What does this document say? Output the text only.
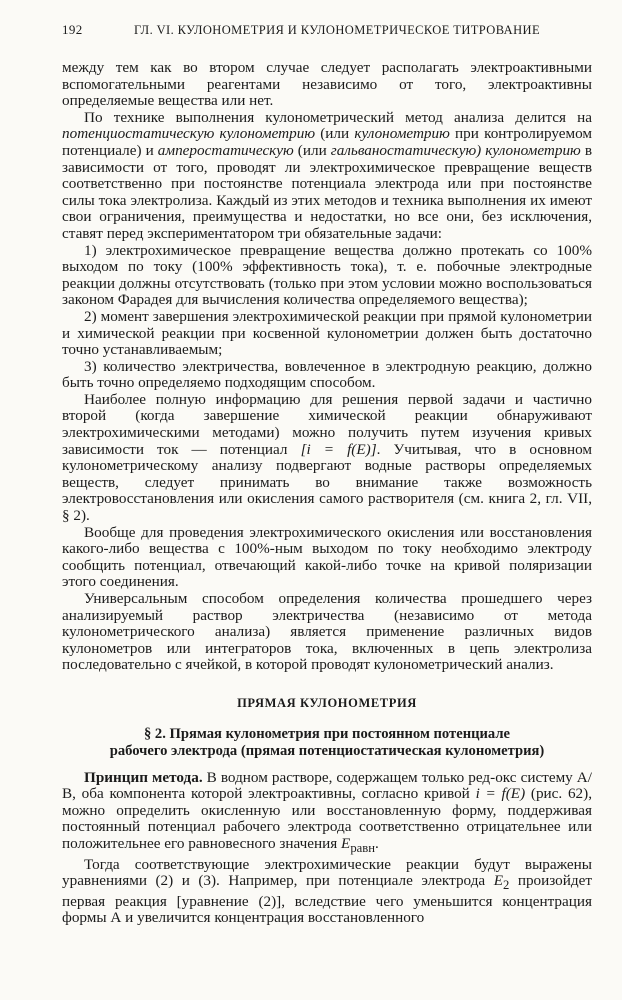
192	ГЛ. VI. КУЛОНОМЕТРИЯ И КУЛОНОМЕТРИЧЕСКОЕ ТИТРОВАНИЕ

между тем как во втором случае следует располагать электроактивными вспомогательными реагентами независимо от того, электроактивны определяемые вещества или нет.

По технике выполнения кулонометрический метод анализа делится на потенциостатическую кулонометрию (или кулонометрию при контролируемом потенциале) и амперостатическую (или гальваностатическую) кулонометрию в зависимости от того, проводят ли электрохимическое превращение веществ соответственно при постоянстве потенциала электрода или при постоянстве силы тока электролиза. Каждый из этих методов и техника выполнения их имеют свои ограничения, преимущества и недостатки, но все они, без исключения, ставят перед экспериментатором три обязательные задачи:

1) электрохимическое превращение вещества должно протекать со 100% выходом по току (100% эффективность тока), т. е. побочные электродные реакции должны отсутствовать (только при этом условии можно воспользоваться законом Фарадея для вычисления количества определяемого вещества);

2) момент завершения электрохимической реакции при прямой кулонометрии и химической реакции при косвенной кулонометрии должен быть достаточно точно устанавливаемым;

3) количество электричества, вовлеченное в электродную реакцию, должно быть точно определяемо подходящим способом.

Наиболее полную информацию для решения первой задачи и частично второй (когда завершение химической реакции обнаруживают электрохимическими методами) можно получить путем изучения кривых зависимости ток — потенциал [i = f(E)]. Учитывая, что в основном кулонометрическому анализу подвергают водные растворы определяемых веществ, следует принимать во внимание также возможность электровосстановления или окисления самого растворителя (см. книга 2, гл. VII, § 2).

Вообще для проведения электрохимического окисления или восстановления какого-либо вещества с 100%-ным выходом по току необходимо электроду сообщить потенциал, отвечающий какой-либо точке на кривой поляризации этого соединения.

Универсальным способом определения количества прошедшего через анализируемый раствор электричества (независимо от метода кулонометрического анализа) является применение различных видов кулонометров или интеграторов тока, включенных в цепь электролиза последовательно с ячейкой, в которой проводят кулонометрический анализ.

ПРЯМАЯ КУЛОНОМЕТРИЯ
§ 2. Прямая кулонометрия при постоянном потенциале
рабочего электрода (прямая потенциостатическая кулонометрия)

Принцип метода. В водном растворе, содержащем только ред-окс систему А/В, оба компонента которой электроактивны, согласно кривой i = f(E) (рис. 62), можно определить окисленную или восстановленную форму, поддерживая постоянный потенциал рабочего электрода соответственно отрицательнее или положительнее его равновесного значения $E_{равн}$.

Тогда соответствующие электрохимические реакции будут выражены уравнениями (2) и (3). Например, при потенциале электрода $E_2$ произойдет первая реакция [уравнение (2)], вследствие чего уменьшится концентрация формы А и увеличится концентрация восстановленного
